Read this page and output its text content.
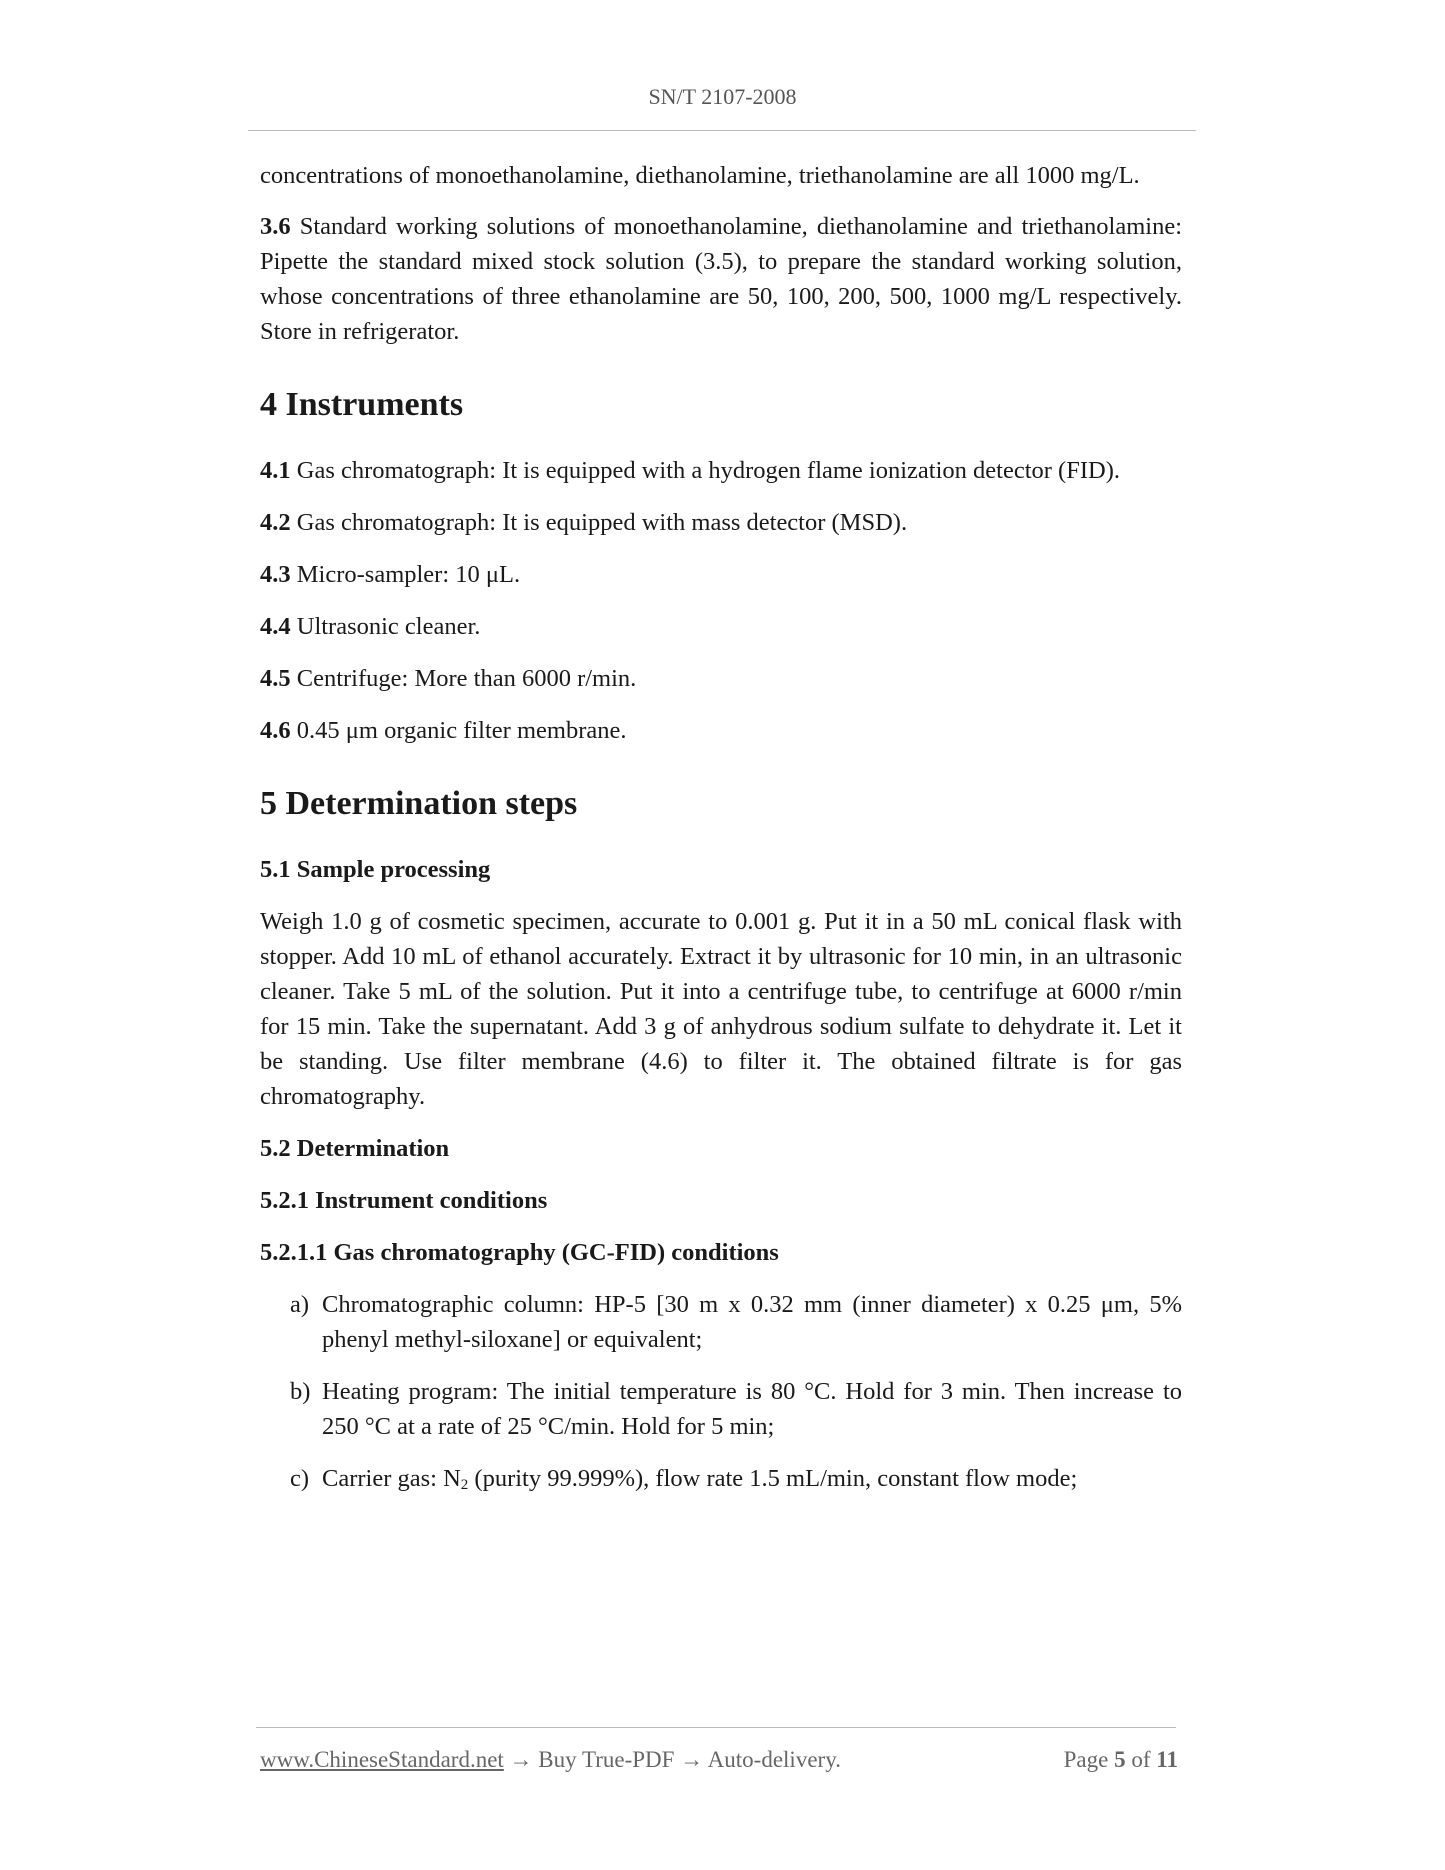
SN/T 2107-2008

concentrations of monoethanolamine, diethanolamine, triethanolamine are all 1000 mg/L.

3.6 Standard working solutions of monoethanolamine, diethanolamine and triethanolamine: Pipette the standard mixed stock solution (3.5), to prepare the standard working solution, whose concentrations of three ethanolamine are 50, 100, 200, 500, 1000 mg/L respectively. Store in refrigerator.

4 Instruments

4.1 Gas chromatograph: It is equipped with a hydrogen flame ionization detector (FID).

4.2 Gas chromatograph: It is equipped with mass detector (MSD).

4.3 Micro-sampler: 10 μL.

4.4 Ultrasonic cleaner.

4.5 Centrifuge: More than 6000 r/min.

4.6 0.45 μm organic filter membrane.

5 Determination steps
5.1 Sample processing

Weigh 1.0 g of cosmetic specimen, accurate to 0.001 g. Put it in a 50 mL conical flask with stopper. Add 10 mL of ethanol accurately. Extract it by ultrasonic for 10 min, in an ultrasonic cleaner. Take 5 mL of the solution. Put it into a centrifuge tube, to centrifuge at 6000 r/min for 15 min. Take the supernatant. Add 3 g of anhydrous sodium sulfate to dehydrate it. Let it be standing. Use filter membrane (4.6) to filter it. The obtained filtrate is for gas chromatography.

5.2 Determination
5.2.1 Instrument conditions
5.2.1.1 Gas chromatography (GC-FID) conditions

a) Chromatographic column: HP-5 [30 m x 0.32 mm (inner diameter) x 0.25 μm, 5% phenyl methyl-siloxane] or equivalent;

b) Heating program: The initial temperature is 80 °C. Hold for 3 min. Then increase to 250 °C at a rate of 25 °C/min. Hold for 5 min;

c) Carrier gas: $N_2$ (purity 99.999%), flow rate 1.5 mL/min, constant flow mode;

www.ChineseStandard.net → Buy True-PDF → Auto-delivery.	Page 5 of 11
